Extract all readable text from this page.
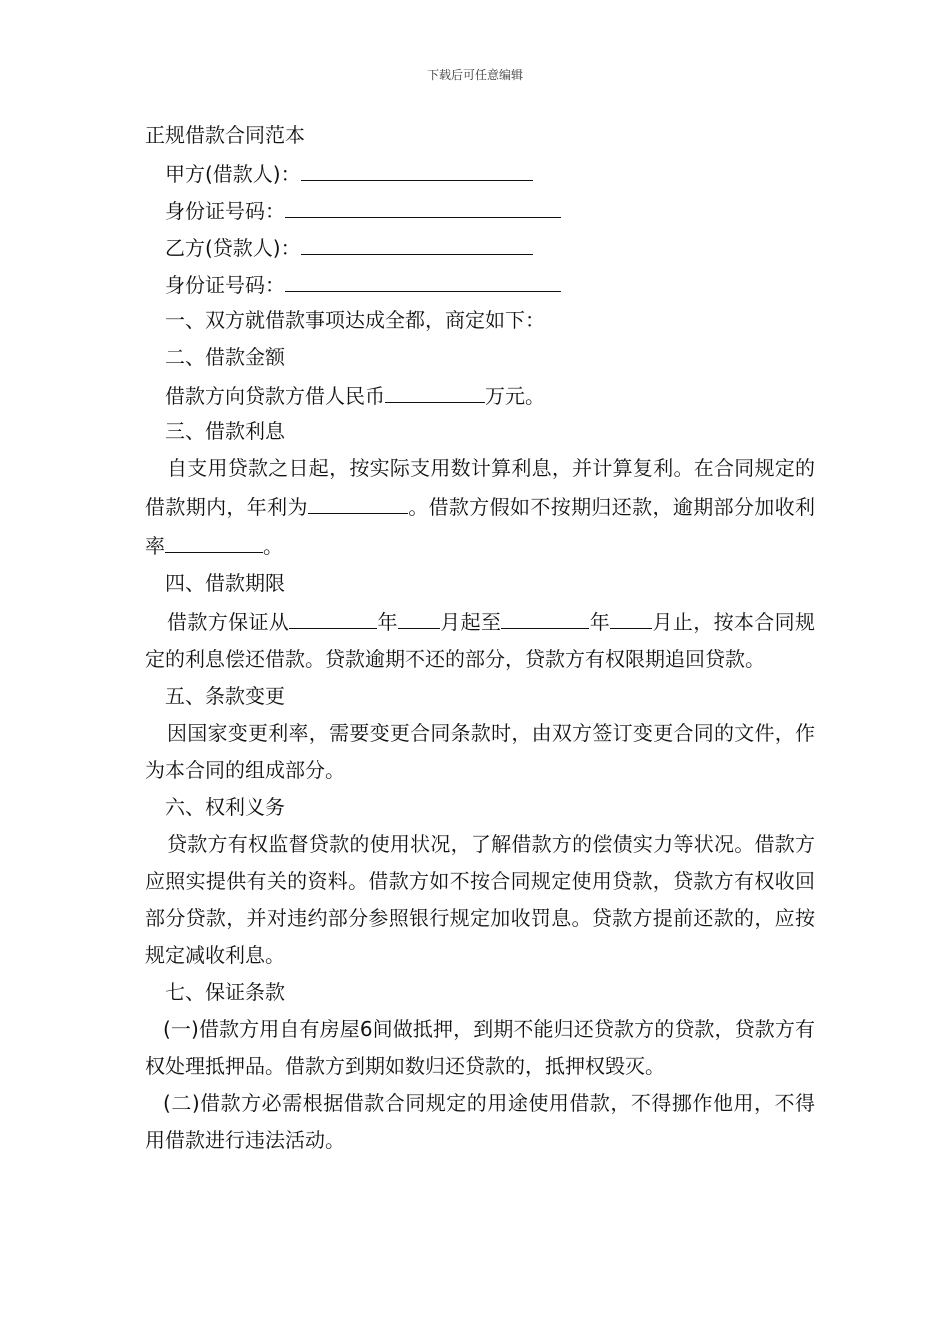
下载后可任意编辑
正规借款合同范本
甲方(借款人)：
身份证号码：
乙方(贷款人)：
身份证号码：
一、双方就借款事项达成全都，商定如下：
二、借款金额
借款方向贷款方借人民币	万元。
三、借款利息
自支用贷款之日起，按实际支用数计算利息，并计算复利。在合同规定的借款期内，年利为	。借款方假如不按期归还款，逾期部分加收利率	。
四、借款期限
借款方保证从	年 月起至	年 月止，按本合同规定的利息偿还借款。贷款逾期不还的部分，贷款方有权限期追回贷款。
五、条款变更
因国家变更利率，需要变更合同条款时，由双方签订变更合同的文件，作为本合同的组成部分。
六、权利义务
贷款方有权监督贷款的使用状况，了解借款方的偿债实力等状况。借款方应照实提供有关的资料。借款方如不按合同规定使用贷款，贷款方有权收回部分贷款，并对违约部分参照银行规定加收罚息。贷款方提前还款的，应按规定减收利息。
七、保证条款
(一)借款方用自有房屋6间做抵押，到期不能归还贷款方的贷款，贷款方有权处理抵押品。借款方到期如数归还贷款的，抵押权毁灭。
(二)借款方必需根据借款合同规定的用途使用借款，不得挪作他用，不得用借款进行违法活动。
